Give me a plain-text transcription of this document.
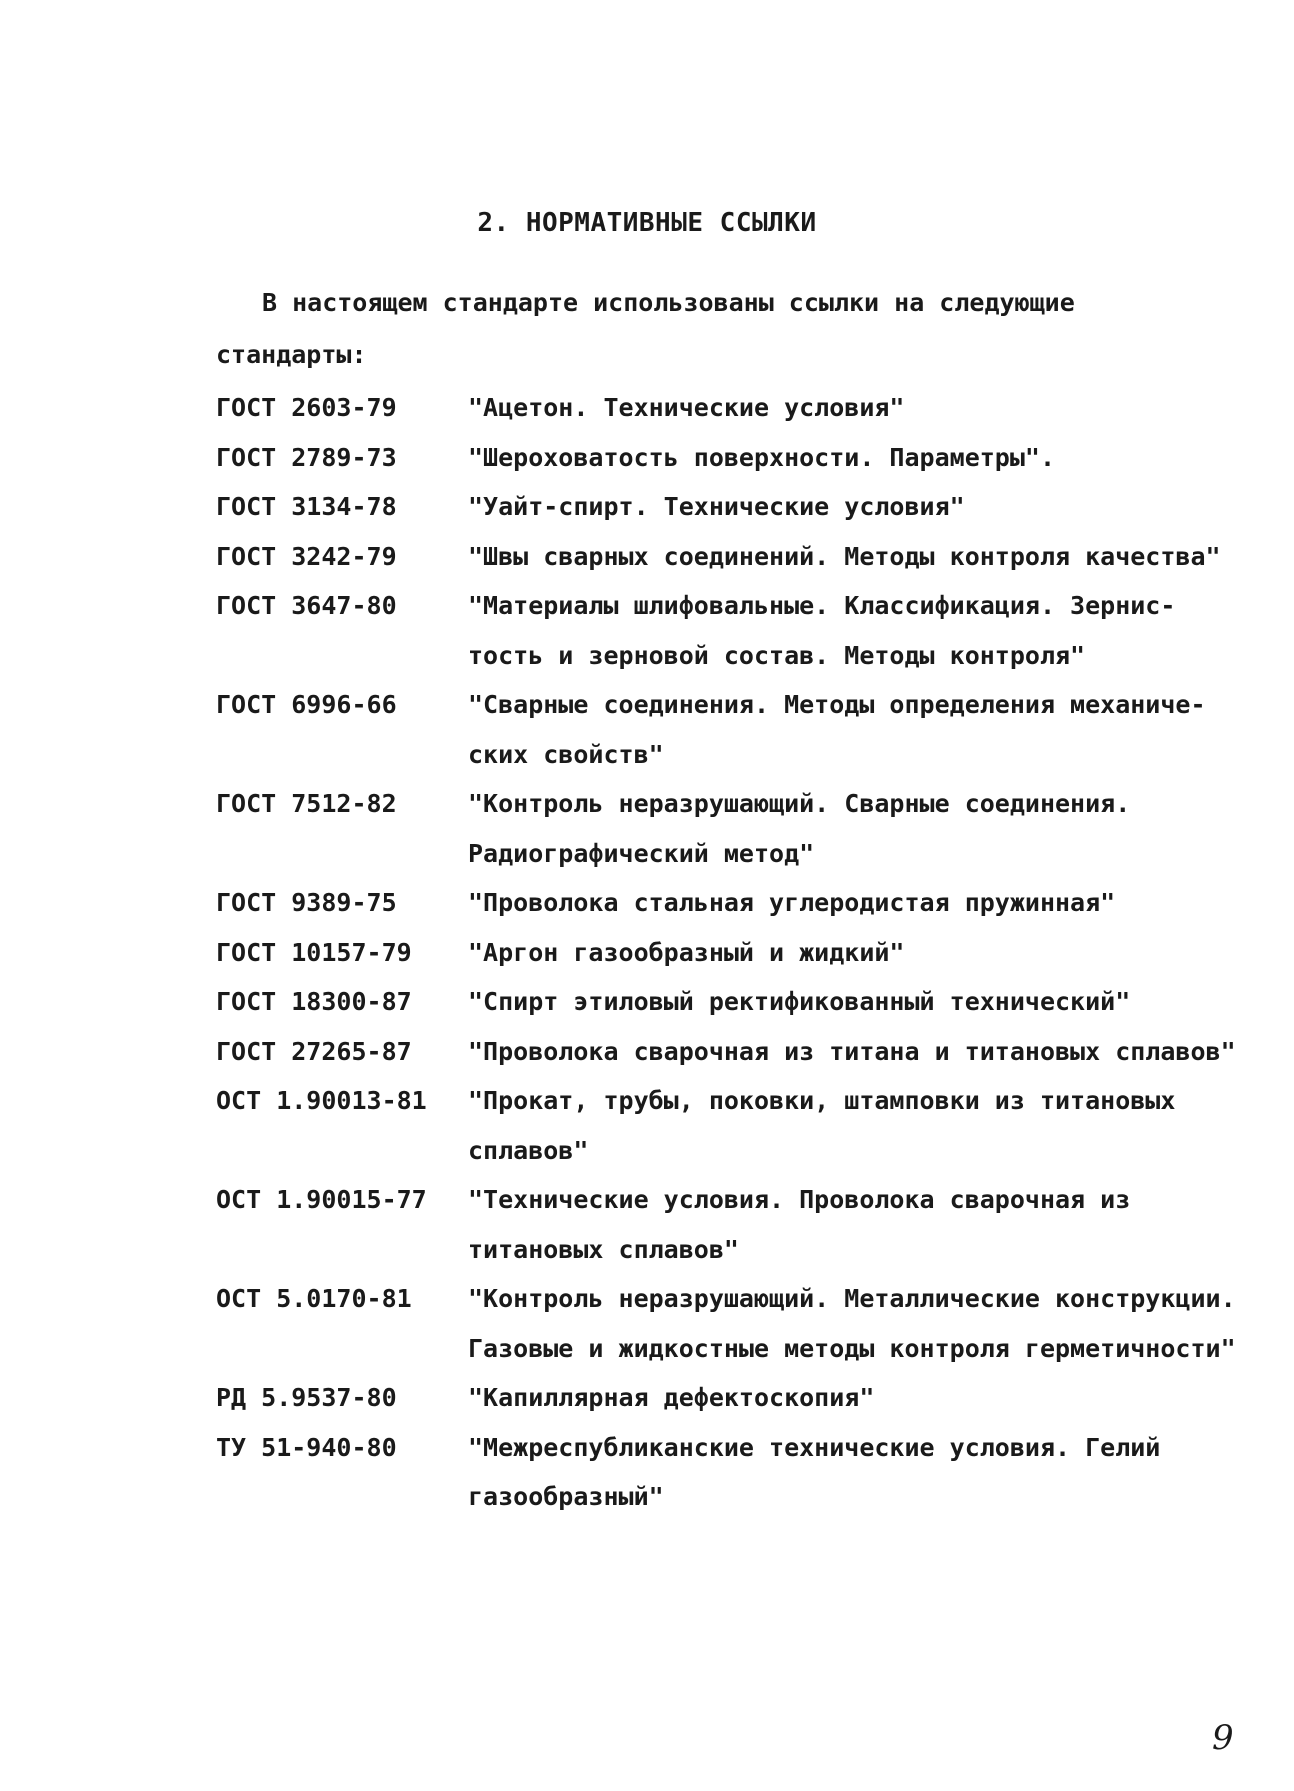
2. НОРМАТИВНЫЕ ССЫЛКИ
В настоящем стандарте использованы ссылки на следующие
стандарты:
ГОСТ 2603-79	"Ацетон. Технические условия"
ГОСТ 2789-73	"Шероховатость поверхности. Параметры".
ГОСТ 3134-78	"Уайт-спирт. Технические условия"
ГОСТ 3242-79	"Швы сварных соединений. Методы контроля качества"
ГОСТ 3647-80	"Материалы шлифовальные. Классификация. Зернис-
тость и зерновой состав. Методы контроля"
ГОСТ 6996-66	"Сварные соединения. Методы определения механиче-
ских свойств"
ГОСТ 7512-82	"Контроль неразрушающий. Сварные соединения.
Радиографический метод"
ГОСТ 9389-75	"Проволока стальная углеродистая пружинная"
ГОСТ 10157-79	"Аргон газообразный и жидкий"
ГОСТ 18300-87	"Спирт этиловый ректификованный технический"
ГОСТ 27265-87	"Проволока сварочная из титана и титановых сплавов"
ОСТ 1.90013-81	"Прокат, трубы, поковки, штамповки из титановых
сплавов"
ОСТ 1.90015-77	"Технические условия. Проволока сварочная из
титановых сплавов"
ОСТ 5.0170-81	"Контроль неразрушающий. Металлические конструкции.
Газовые и жидкостные методы контроля герметичности"
РД 5.9537-80	"Капиллярная дефектоскопия"
ТУ 51-940-80	"Межреспубликанские технические условия. Гелий
газообразный"
9
